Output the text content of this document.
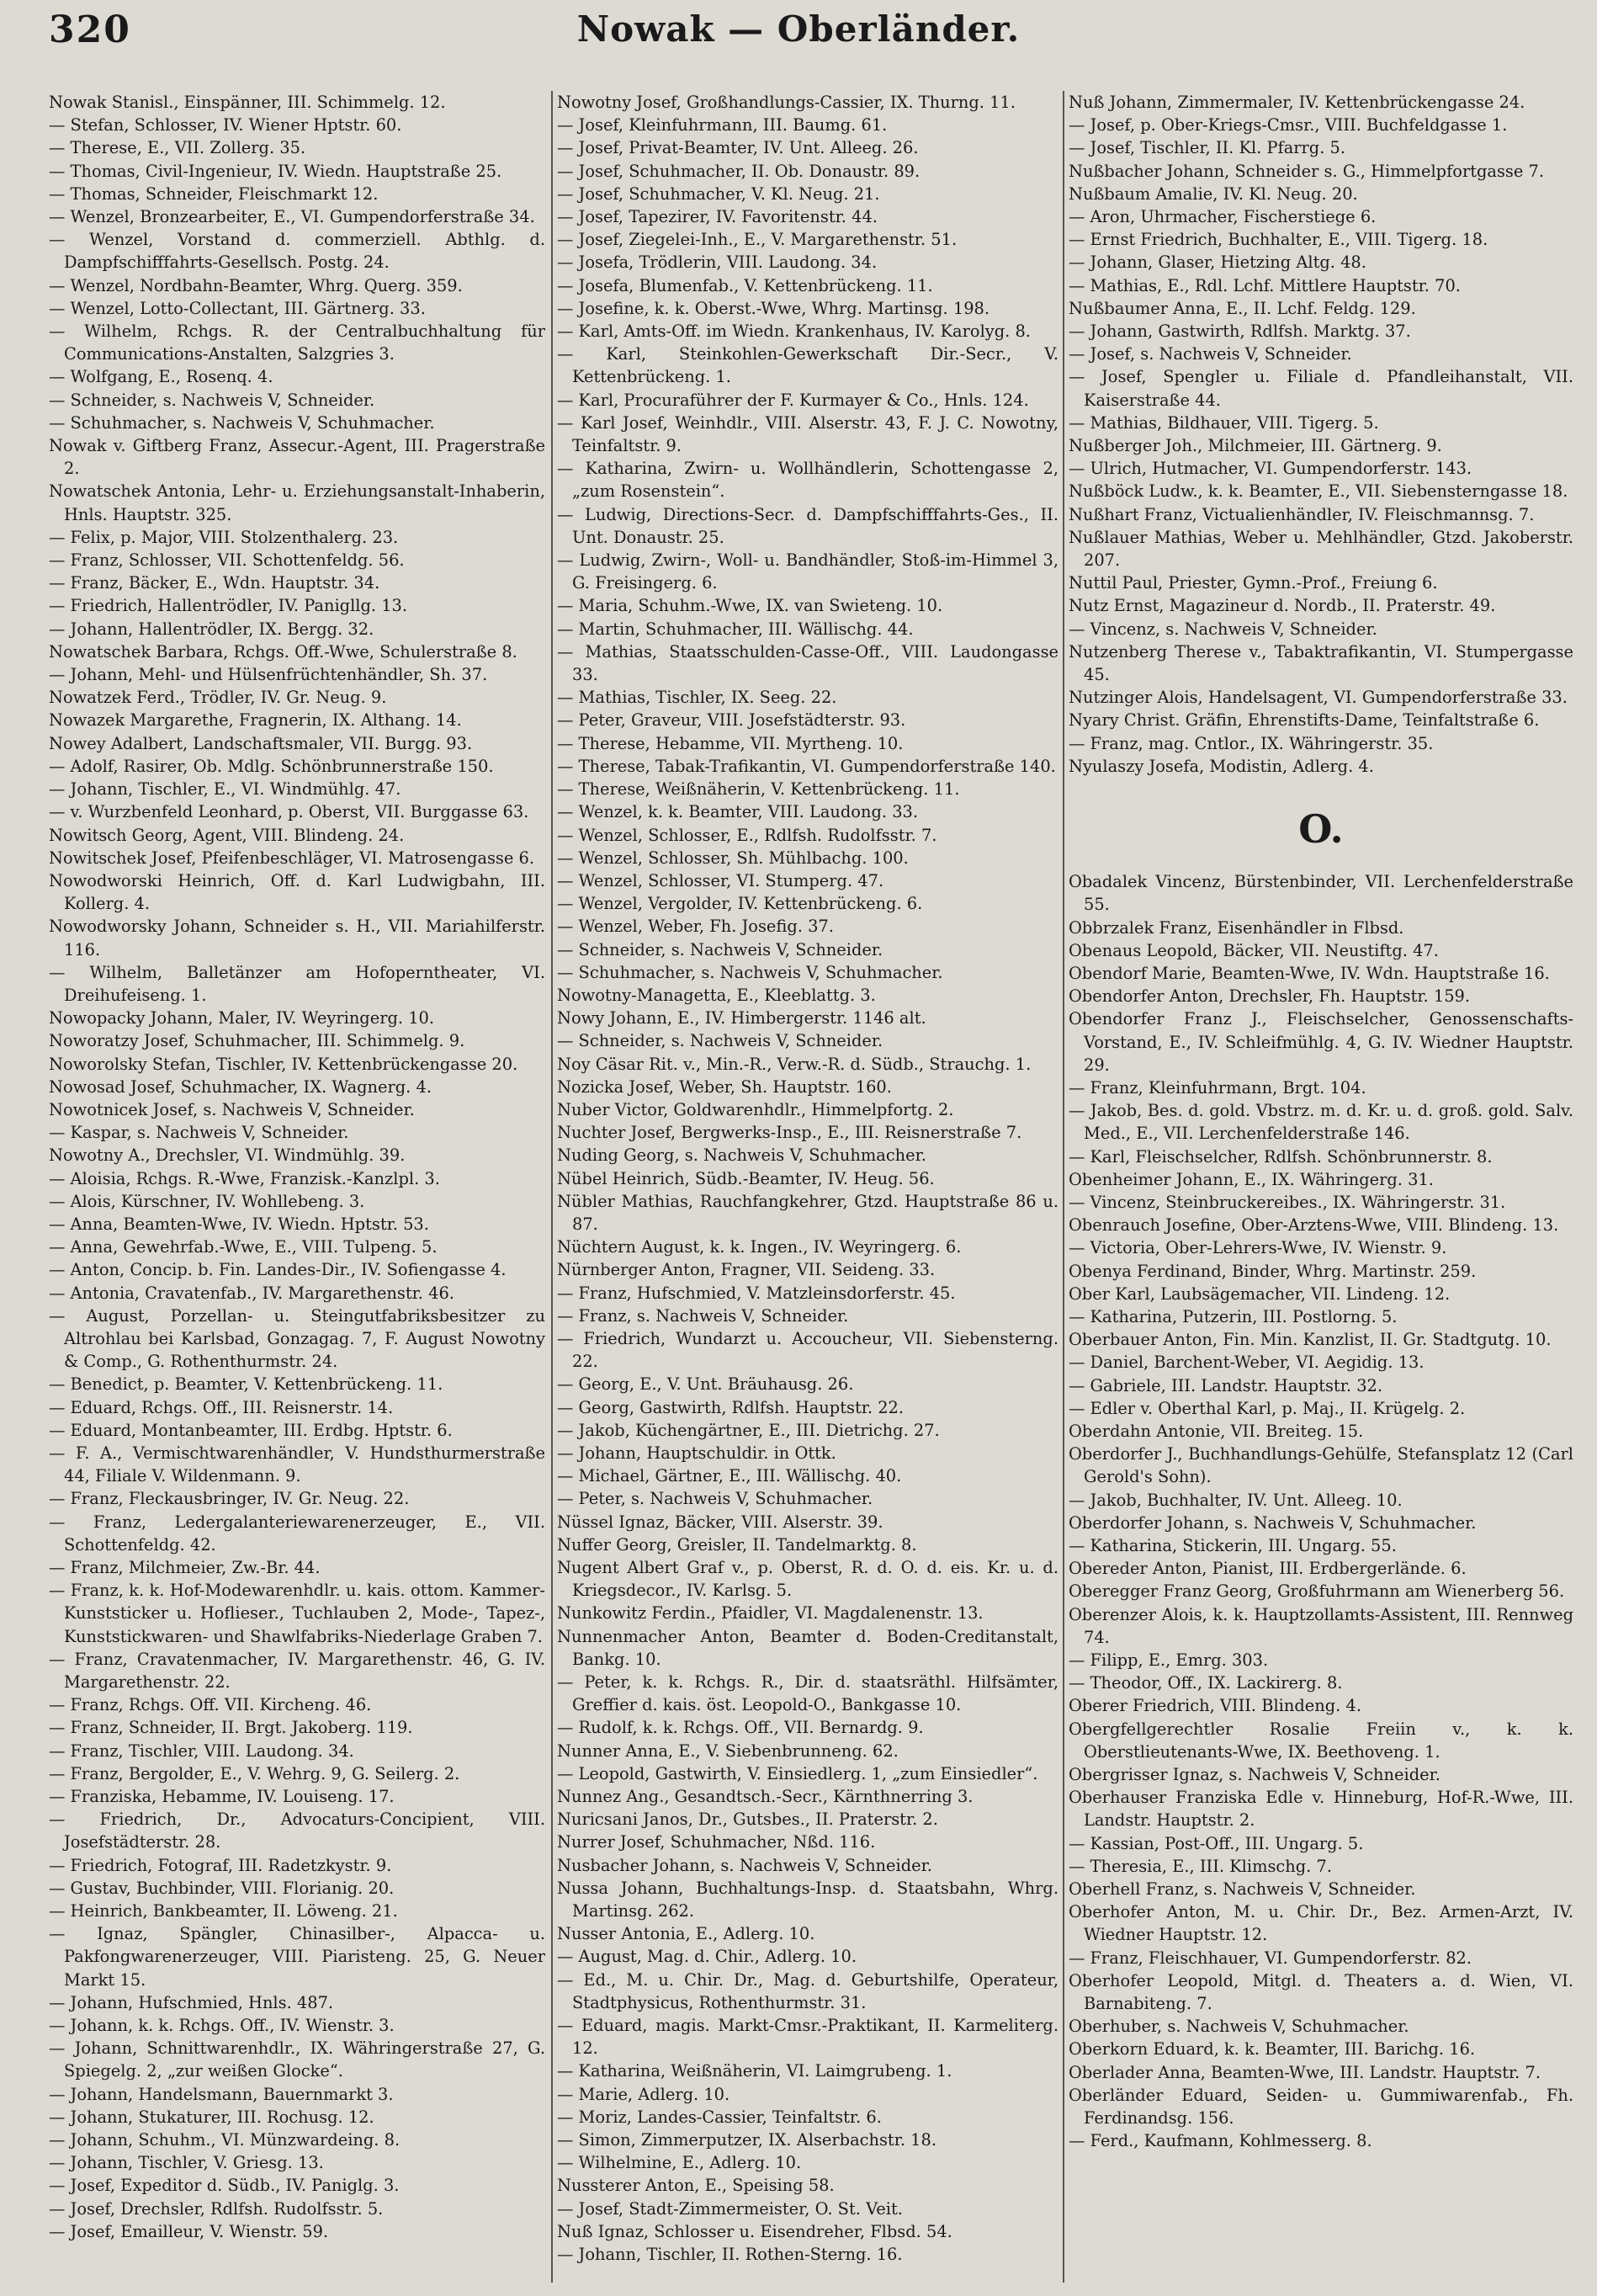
320	Nowak — Oberländer.
Nowak Stanisl., Einspänner, III. Schimmelg. 12.
— Stefan, Schlosser, IV. Wiener Hptstr. 60.
— Therese, E., VII. Zollerg. 35.
— Thomas, Civil-Ingenieur, IV. Wiedn. Hauptstraße 25.
— Thomas, Schneider, Fleischmarkt 12.
— Wenzel, Bronzearbeiter, E., VI. Gumpendorferstraße 34.
— Wenzel, Vorstand d. commerziell. Abthlg. d. Dampfschifffahrts-Gesellsch. Postg. 24.
— Wenzel, Nordbahn-Beamter, Whrg. Querg. 359.
— Wenzel, Lotto-Collectant, III. Gärtnerg. 33.
— Wilhelm, Rchgs. R. der Centralbuchhaltung für Communications-Anstalten, Salzgries 3.
— Wolfgang, E., Rosenq. 4.
— Schneider, s. Nachweis V, Schneider.
— Schuhmacher, s. Nachweis V, Schuhmacher.
Nowak v. Giftberg Franz, Assecur.-Agent, III. Pragerstraße 2.
Nowatschek Antonia, Lehr- u. Erziehungsanstalt-Inhaberin, Hnls. Hauptstr. 325.
— Felix, p. Major, VIII. Stolzenthalerg. 23.
— Franz, Schlosser, VII. Schottenfeldg. 56.
— Franz, Bäcker, E., Wdn. Hauptstr. 34.
— Friedrich, Hallentrödler, IV. Panigllg. 13.
— Johann, Hallentrödler, IX. Bergg. 32.
Nowatschek Barbara, Rchgs. Off.-Wwe, Schulerstraße 8.
— Johann, Mehl- und Hülsenfrüchtenhändler, Sh. 37.
Nowatzek Ferd., Trödler, IV. Gr. Neug. 9.
Nowazek Margarethe, Fragnerin, IX. Althang. 14.
Nowey Adalbert, Landschaftsmaler, VII. Burgg. 93.
— Adolf, Rasirer, Ob. Mdlg. Schönbrunnerstraße 150.
— Johann, Tischler, E., VI. Windmühlg. 47.
— v. Wurzbenfeld Leonhard, p. Oberst, VII. Burggasse 63.
Nowitsch Georg, Agent, VIII. Blindeng. 24.
Nowitschek Josef, Pfeifenbeschläger, VI. Matrosengasse 6.
Nowodworski Heinrich, Off. d. Karl Ludwigbahn, III. Kollerg. 4.
Nowodworsky Johann, Schneider s. H., VII. Mariahilferstr. 116.
— Wilhelm, Balletänzer am Hofoperntheater, VI. Dreihufeiseng. 1.
Nowopacky Johann, Maler, IV. Weyringerg. 10.
Noworatzy Josef, Schuhmacher, III. Schimmelg. 9.
Noworolsky Stefan, Tischler, IV. Kettenbrückengasse 20.
Nowosad Josef, Schuhmacher, IX. Wagnerg. 4.
Nowotnicek Josef, s. Nachweis V, Schneider.
— Kaspar, s. Nachweis V, Schneider.
Nowotny A., Drechsler, VI. Windmühlg. 39.
— Aloisia, Rchgs. R.-Wwe, Franzisk.-Kanzlpl. 3.
— Alois, Kürschner, IV. Wohllebeng. 3.
— Anna, Beamten-Wwe, IV. Wiedn. Hptstr. 53.
— Anna, Gewehrfab.-Wwe, E., VIII. Tulpeng. 5.
— Anton, Concip. b. Fin. Landes-Dir., IV. Sofiengasse 4.
— Antonia, Cravatenfab., IV. Margarethenstr. 46.
— August, Porzellan- u. Steingutfabriksbesitzer zu Altrohlau bei Karlsbad, Gonzagag. 7, F. August Nowotny & Comp., G. Rothenthurmstr. 24.
— Benedict, p. Beamter, V. Kettenbrückeng. 11.
— Eduard, Rchgs. Off., III. Reisnerstr. 14.
— Eduard, Montanbeamter, III. Erdbg. Hptstr. 6.
— F. A., Vermischtwarenhändler, V. Hundsthurmerstraße 44, Filiale V. Wildenmann. 9.
— Franz, Fleckausbringer, IV. Gr. Neug. 22.
— Franz, Ledergalanteriewarenerzeuger, E., VII. Schottenfeldg. 42.
— Franz, Milchmeier, Zw.-Br. 44.
— Franz, k. k. Hof-Modewarenhdlr. u. kais. ottom. Kammer-Kunststicker u. Hoflieser., Tuchlauben 2, Mode-, Tapez-, Kunststickwaren- und Shawlfabriks-Niederlage Graben 7.
— Franz, Cravatenmacher, IV. Margarethenstr. 46, G. IV. Margarethenstr. 22.
— Franz, Rchgs. Off. VII. Kircheng. 46.
— Franz, Schneider, II. Brgt. Jakoberg. 119.
— Franz, Tischler, VIII. Laudong. 34.
— Franz, Bergolder, E., V. Wehrg. 9, G. Seilerg. 2.
— Franziska, Hebamme, IV. Louiseng. 17.
— Friedrich, Dr., Advocaturs-Concipient, VIII. Josefstädterstr. 28.
— Friedrich, Fotograf, III. Radetzkystr. 9.
— Gustav, Buchbinder, VIII. Florianig. 20.
— Heinrich, Bankbeamter, II. Löweng. 21.
— Ignaz, Spängler, Chinasilber-, Alpacca- u. Pakfongwarenerzeuger, VIII. Piaristeng. 25, G. Neuer Markt 15.
— Johann, Hufschmied, Hnls. 487.
— Johann, k. k. Rchgs. Off., IV. Wienstr. 3.
— Johann, Schnittwarenhdlr., IX. Währingerstraße 27, G. Spiegelg. 2, „zur weißen Glocke“.
— Johann, Handelsmann, Bauernmarkt 3.
— Johann, Stukaturer, III. Rochusg. 12.
— Johann, Schuhm., VI. Münzwardeing. 8.
— Johann, Tischler, V. Griesg. 13.
— Josef, Expeditor d. Südb., IV. Paniglg. 3.
— Josef, Drechsler, Rdlfsh. Rudolfsstr. 5.
— Josef, Emailleur, V. Wienstr. 59.
Nowotny Josef, Großhandlungs-Cassier, IX. Thurng. 11.
— Josef, Kleinfuhrmann, III. Baumg. 61.
— Josef, Privat-Beamter, IV. Unt. Alleeg. 26.
— Josef, Schuhmacher, II. Ob. Donaustr. 89.
— Josef, Schuhmacher, V. Kl. Neug. 21.
— Josef, Tapezirer, IV. Favoritenstr. 44.
— Josef, Ziegelei-Inh., E., V. Margarethenstr. 51.
— Josefa, Trödlerin, VIII. Laudong. 34.
— Josefa, Blumenfab., V. Kettenbrückeng. 11.
— Josefine, k. k. Oberst.-Wwe, Whrg. Martinsg. 198.
— Karl, Amts-Off. im Wiedn. Krankenhaus, IV. Karolyg. 8.
— Karl, Steinkohlen-Gewerkschaft Dir.-Secr., V. Kettenbrückeng. 1.
— Karl, Procuraführer der F. Kurmayer & Co., Hnls. 124.
— Karl Josef, Weinhdlr., VIII. Alserstr. 43, F. J. C. Nowotny, Teinfaltstr. 9.
— Katharina, Zwirn- u. Wollhändlerin, Schottengasse 2, „zum Rosenstein“.
— Ludwig, Directions-Secr. d. Dampfschifffahrts-Ges., II. Unt. Donaustr. 25.
— Ludwig, Zwirn-, Woll- u. Bandhändler, Stoß-im-Himmel 3, G. Freisingerg. 6.
— Maria, Schuhm.-Wwe, IX. van Swieteng. 10.
— Martin, Schuhmacher, III. Wällischg. 44.
— Mathias, Staatsschulden-Casse-Off., VIII. Laudongasse 33.
— Mathias, Tischler, IX. Seeg. 22.
— Peter, Graveur, VIII. Josefstädterstr. 93.
— Therese, Hebamme, VII. Myrtheng. 10.
— Therese, Tabak-Trafikantin, VI. Gumpendorferstraße 140.
— Therese, Weißnäherin, V. Kettenbrückeng. 11.
— Wenzel, k. k. Beamter, VIII. Laudong. 33.
— Wenzel, Schlosser, E., Rdlfsh. Rudolfsstr. 7.
— Wenzel, Schlosser, Sh. Mühlbachg. 100.
— Wenzel, Schlosser, VI. Stumperg. 47.
— Wenzel, Vergolder, IV. Kettenbrückeng. 6.
— Wenzel, Weber, Fh. Josefig. 37.
— Schneider, s. Nachweis V, Schneider.
— Schuhmacher, s. Nachweis V, Schuhmacher.
Nowotny-Managetta, E., Kleeblattg. 3.
Nowy Johann, E., IV. Himbergerstr. 1146 alt.
— Schneider, s. Nachweis V, Schneider.
Noy Cäsar Rit. v., Min.-R., Verw.-R. d. Südb., Strauchg. 1.
Nozicka Josef, Weber, Sh. Hauptstr. 160.
Nuber Victor, Goldwarenhdlr., Himmelpfortg. 2.
Nuchter Josef, Bergwerks-Insp., E., III. Reisnerstraße 7.
Nuding Georg, s. Nachweis V, Schuhmacher.
Nübel Heinrich, Südb.-Beamter, IV. Heug. 56.
Nübler Mathias, Rauchfangkehrer, Gtzd. Hauptstraße 86 u. 87.
Nüchtern August, k. k. Ingen., IV. Weyringerg. 6.
Nürnberger Anton, Fragner, VII. Seideng. 33.
— Franz, Hufschmied, V. Matzleinsdorferstr. 45.
— Franz, s. Nachweis V, Schneider.
— Friedrich, Wundarzt u. Accoucheur, VII. Siebensterng. 22.
— Georg, E., V. Unt. Bräuhausg. 26.
— Georg, Gastwirth, Rdlfsh. Hauptstr. 22.
— Jakob, Küchengärtner, E., III. Dietrichg. 27.
— Johann, Hauptschuldir. in Ottk.
— Michael, Gärtner, E., III. Wällischg. 40.
— Peter, s. Nachweis V, Schuhmacher.
Nüssel Ignaz, Bäcker, VIII. Alserstr. 39.
Nuffer Georg, Greisler, II. Tandelmarktg. 8.
Nugent Albert Graf v., p. Oberst, R. d. O. d. eis. Kr. u. d. Kriegsdecor., IV. Karlsg. 5.
Nunkowitz Ferdin., Pfaidler, VI. Magdalenenstr. 13.
Nunnenmacher Anton, Beamter d. Boden-Creditanstalt, Bankg. 10.
— Peter, k. k. Rchgs. R., Dir. d. staatsräthl. Hilfsämter, Greffier d. kais. öst. Leopold-O., Bankgasse 10.
— Rudolf, k. k. Rchgs. Off., VII. Bernardg. 9.
Nunner Anna, E., V. Siebenbrunneng. 62.
— Leopold, Gastwirth, V. Einsiedlerg. 1, „zum Einsiedler“.
Nunnez Ang., Gesandtsch.-Secr., Kärnthnerring 3.
Nuricsani Janos, Dr., Gutsbes., II. Praterstr. 2.
Nurrer Josef, Schuhmacher, Nßd. 116.
Nusbacher Johann, s. Nachweis V, Schneider.
Nussa Johann, Buchhaltungs-Insp. d. Staatsbahn, Whrg. Martinsg. 262.
Nusser Antonia, E., Adlerg. 10.
— August, Mag. d. Chir., Adlerg. 10.
— Ed., M. u. Chir. Dr., Mag. d. Geburtshilfe, Operateur, Stadtphysicus, Rothenthurmstr. 31.
— Eduard, magis. Markt-Cmsr.-Praktikant, II. Karmeliterg. 12.
— Katharina, Weißnäherin, VI. Laimgrubeng. 1.
— Marie, Adlerg. 10.
— Moriz, Landes-Cassier, Teinfaltstr. 6.
— Simon, Zimmerputzer, IX. Alserbachstr. 18.
— Wilhelmine, E., Adlerg. 10.
Nussterer Anton, E., Speising 58.
— Josef, Stadt-Zimmermeister, O. St. Veit.
Nuß Ignaz, Schlosser u. Eisendreher, Flbsd. 54.
— Johann, Tischler, II. Rothen-Sterng. 16.
Nuß Johann, Zimmermaler, IV. Kettenbrückengasse 24.
— Josef, p. Ober-Kriegs-Cmsr., VIII. Buchfeldgasse 1.
— Josef, Tischler, II. Kl. Pfarrg. 5.
Nußbacher Johann, Schneider s. G., Himmelpfortgasse 7.
Nußbaum Amalie, IV. Kl. Neug. 20.
— Aron, Uhrmacher, Fischerstiege 6.
— Ernst Friedrich, Buchhalter, E., VIII. Tigerg. 18.
— Johann, Glaser, Hietzing Altg. 48.
— Mathias, E., Rdl. Lchf. Mittlere Hauptstr. 70.
Nußbaumer Anna, E., II. Lchf. Feldg. 129.
— Johann, Gastwirth, Rdlfsh. Marktg. 37.
— Josef, s. Nachweis V, Schneider.
— Josef, Spengler u. Filiale d. Pfandleihanstalt, VII. Kaiserstraße 44.
— Mathias, Bildhauer, VIII. Tigerg. 5.
Nußberger Joh., Milchmeier, III. Gärtnerg. 9.
— Ulrich, Hutmacher, VI. Gumpendorferstr. 143.
Nußböck Ludw., k. k. Beamter, E., VII. Siebensterngasse 18.
Nußhart Franz, Victualienhändler, IV. Fleischmannsg. 7.
Nußlauer Mathias, Weber u. Mehlhändler, Gtzd. Jakoberstr. 207.
Nuttil Paul, Priester, Gymn.-Prof., Freiung 6.
Nutz Ernst, Magazineur d. Nordb., II. Praterstr. 49.
— Vincenz, s. Nachweis V, Schneider.
Nutzenberg Therese v., Tabaktrafikantin, VI. Stumpergasse 45.
Nutzinger Alois, Handelsagent, VI. Gumpendorferstraße 33.
Nyary Christ. Gräfin, Ehrenstifts-Dame, Teinfaltstraße 6.
— Franz, mag. Cntlor., IX. Währingerstr. 35.
Nyulaszy Josefa, Modistin, Adlerg. 4.
O.
Obadalek Vincenz, Bürstenbinder, VII. Lerchenfelderstraße 55.
Obbrzalek Franz, Eisenhändler in Flbsd.
Obenaus Leopold, Bäcker, VII. Neustiftg. 47.
Obendorf Marie, Beamten-Wwe, IV. Wdn. Hauptstraße 16.
Obendorfer Anton, Drechsler, Fh. Hauptstr. 159.
Obendorfer Franz J., Fleischselcher, Genossenschafts-Vorstand, E., IV. Schleifmühlg. 4, G. IV. Wiedner Hauptstr. 29.
— Franz, Kleinfuhrmann, Brgt. 104.
— Jakob, Bes. d. gold. Vbstrz. m. d. Kr. u. d. groß. gold. Salv. Med., E., VII. Lerchenfelderstraße 146.
— Karl, Fleischselcher, Rdlfsh. Schönbrunnerstr. 8.
Obenheimer Johann, E., IX. Währingerg. 31.
— Vincenz, Steinbruckereibes., IX. Währingerstr. 31.
Obenrauch Josefine, Ober-Arztens-Wwe, VIII. Blindeng. 13.
— Victoria, Ober-Lehrers-Wwe, IV. Wienstr. 9.
Obenya Ferdinand, Binder, Whrg. Martinstr. 259.
Ober Karl, Laubsägemacher, VII. Lindeng. 12.
— Katharina, Putzerin, III. Postlorng. 5.
Oberbauer Anton, Fin. Min. Kanzlist, II. Gr. Stadtgutg. 10.
— Daniel, Barchent-Weber, VI. Aegidig. 13.
— Gabriele, III. Landstr. Hauptstr. 32.
— Edler v. Oberthal Karl, p. Maj., II. Krügelg. 2.
Oberdahn Antonie, VII. Breiteg. 15.
Oberdorfer J., Buchhandlungs-Gehülfe, Stefansplatz 12 (Carl Gerold's Sohn).
— Jakob, Buchhalter, IV. Unt. Alleeg. 10.
Oberdorfer Johann, s. Nachweis V, Schuhmacher.
— Katharina, Stickerin, III. Ungarg. 55.
Obereder Anton, Pianist, III. Erdbergerlände. 6.
Oberegger Franz Georg, Großfuhrmann am Wienerberg 56.
Oberenzer Alois, k. k. Hauptzollamts-Assistent, III. Rennweg 74.
— Filipp, E., Emrg. 303.
— Theodor, Off., IX. Lackirerg. 8.
Oberer Friedrich, VIII. Blindeng. 4.
Obergfellgerechtler Rosalie Freiin v., k. k. Oberstlieutenants-Wwe, IX. Beethoveng. 1.
Obergrisser Ignaz, s. Nachweis V, Schneider.
Oberhauser Franziska Edle v. Hinneburg, Hof-R.-Wwe, III. Landstr. Hauptstr. 2.
— Kassian, Post-Off., III. Ungarg. 5.
— Theresia, E., III. Klimschg. 7.
Oberhell Franz, s. Nachweis V, Schneider.
Oberhofer Anton, M. u. Chir. Dr., Bez. Armen-Arzt, IV. Wiedner Hauptstr. 12.
— Franz, Fleischhauer, VI. Gumpendorferstr. 82.
Oberhofer Leopold, Mitgl. d. Theaters a. d. Wien, VI. Barnabiteng. 7.
Oberhuber, s. Nachweis V, Schuhmacher.
Oberkorn Eduard, k. k. Beamter, III. Barichg. 16.
Oberlader Anna, Beamten-Wwe, III. Landstr. Hauptstr. 7.
Oberländer Eduard, Seiden- u. Gummiwarenfab., Fh. Ferdinandsg. 156.
— Ferd., Kaufmann, Kohlmesserg. 8.
